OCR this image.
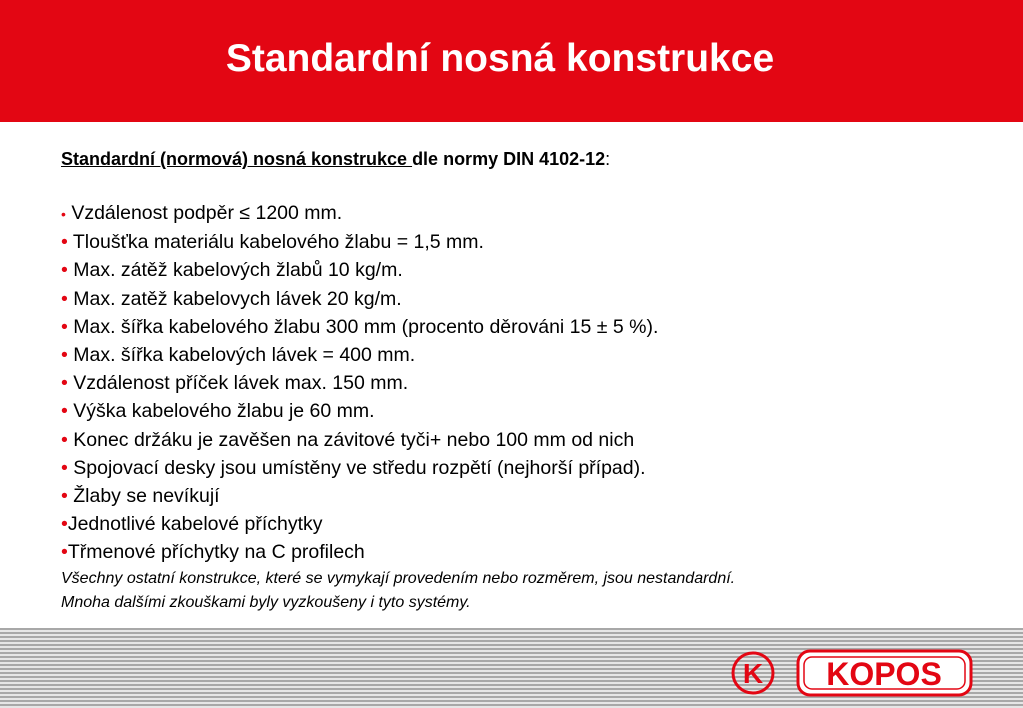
Standardní nosná konstrukce
Standardní (normová) nosná konstrukce dle normy DIN 4102-12:
• Vzdálenost podpěr ≤ 1200 mm.
• Tloušťka materiálu kabelového žlabu = 1,5 mm.
• Max. zátěž kabelových žlabů 10 kg/m.
• Max. zatěž kabelovych lávek 20 kg/m.
• Max. šířka kabelového žlabu 300 mm (procento děrováni 15 ± 5 %).
• Max. šířka kabelových lávek = 400 mm.
• Vzdálenost příček lávek max. 150 mm.
• Výška kabelového žlabu je 60 mm.
• Konec držáku je zavěšen na závitové tyči+ nebo 100 mm od nich
• Spojovací desky jsou umístěny ve středu rozpětí (nejhorší případ).
• Žlaby se nevíkují
•Jednotlivé kabelové příchytky
•Třmenové příchytky na C profilech
Všechny ostatní konstrukce, které se vymykají provedením nebo rozměrem, jsou nestandardní.
Mnoha dalšími zkouškami byly vyzkoušeny i tyto systémy.
K KOPOS
